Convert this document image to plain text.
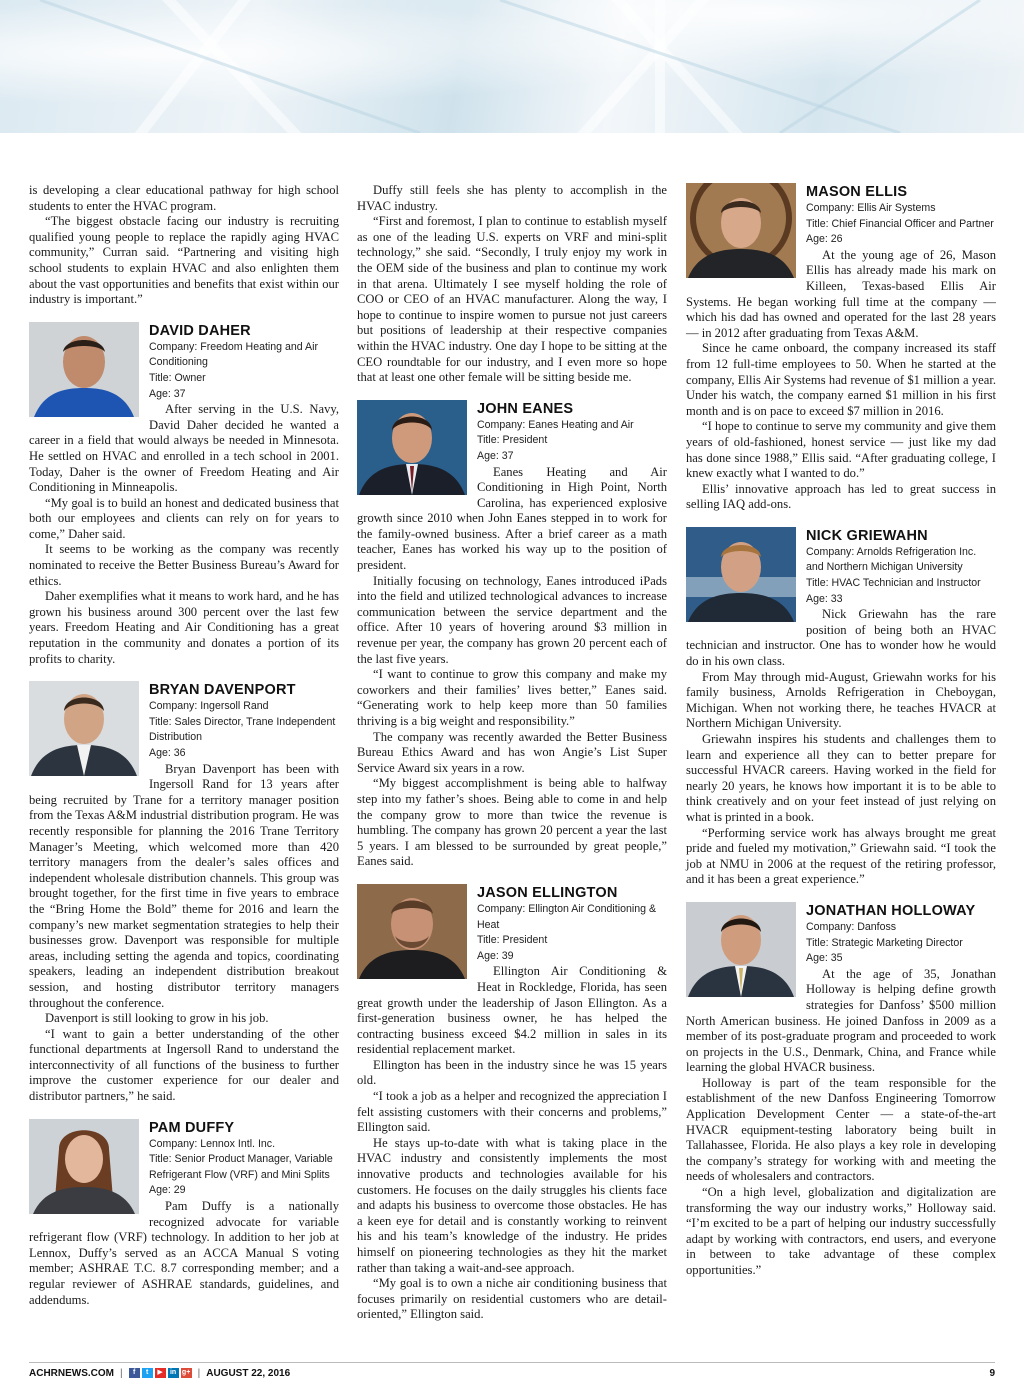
is developing a clear educational pathway for high school students to enter the HVAC program.

“The biggest obstacle facing our industry is recruiting qualified young people to replace the rapidly aging HVAC community,” Curran said. “Partnering and visiting high school students to explain HVAC and also enlighten them about the vast opportunities and benefits that exist within our industry is important.”

DAVID DAHER
Company: Freedom Heating and Air Conditioning
Title: Owner
Age: 37

After serving in the U.S. Navy, David Daher decided he wanted a career in a field that would always be needed in Minnesota. He settled on HVAC and enrolled in a tech school in 2001. Today, Daher is the owner of Freedom Heating and Air Conditioning in Minneapolis.

“My goal is to build an honest and dedicated business that both our employees and clients can rely on for years to come,” Daher said.

It seems to be working as the company was recently nominated to receive the Better Business Bureau’s Award for ethics.

Daher exemplifies what it means to work hard, and he has grown his business around 300 percent over the last few years. Freedom Heating and Air Conditioning has a great reputation in the community and donates a portion of its profits to charity.

BRYAN DAVENPORT
Company: Ingersoll Rand
Title: Sales Director, Trane Independent Distribution
Age: 36

Bryan Davenport has been with Ingersoll Rand for 13 years after being recruited by Trane for a territory manager position from the Texas A&M industrial distribution program. He was recently responsible for planning the 2016 Trane Territory Manager’s Meeting, which welcomed more than 420 territory managers from the dealer’s sales offices and independent wholesale distribution channels. This group was brought together, for the first time in five years to embrace the “Bring Home the Bold” theme for 2016 and learn the company’s new market segmentation strategies to help their businesses grow. Davenport was responsible for multiple areas, including setting the agenda and topics, coordinating speakers, leading an independent distribution breakout session, and hosting distributor territory managers throughout the conference.

Davenport is still looking to grow in his job.

“I want to gain a better understanding of the other functional departments at Ingersoll Rand to understand the interconnectivity of all functions of the business to further improve the customer experience for our dealer and distributor partners,” he said.

PAM DUFFY
Company: Lennox Intl. Inc.
Title: Senior Product Manager, Variable Refrigerant Flow (VRF) and Mini Splits
Age: 29

Pam Duffy is a nationally recognized advocate for variable refrigerant flow (VRF) technology. In addition to her job at Lennox, Duffy’s served as an ACCA Manual S voting member; ASHRAE T.C. 8.7 corresponding member; and a regular reviewer of ASHRAE standards, guidelines, and addendums.

Duffy still feels she has plenty to accomplish in the HVAC industry.

“First and foremost, I plan to continue to establish myself as one of the leading U.S. experts on VRF and mini-split technology,” she said. “Secondly, I truly enjoy my work in the OEM side of the business and plan to continue my work in that arena. Ultimately I see myself holding the role of COO or CEO of an HVAC manufacturer. Along the way, I hope to continue to inspire women to pursue not just careers but positions of leadership at their respective companies within the HVAC industry. One day I hope to be sitting at the CEO roundtable for our industry, and I even more so hope that at least one other female will be sitting beside me.

JOHN EANES
Company: Eanes Heating and Air
Title: President
Age: 37

Eanes Heating and Air Conditioning in High Point, North Carolina, has experienced explosive growth since 2010 when John Eanes stepped in to work for the family-owned business. After a brief career as a math teacher, Eanes has worked his way up to the position of president.

Initially focusing on technology, Eanes introduced iPads into the field and utilized technological advances to increase communication between the service department and the office. After 10 years of hovering around $3 million in revenue per year, the company has grown 20 percent each of the last five years.

“I want to continue to grow this company and make my coworkers and their families’ lives better,” Eanes said. “Generating work to help keep more than 50 families thriving is a big weight and responsibility.”

The company was recently awarded the Better Business Bureau Ethics Award and has won Angie’s List Super Service Award six years in a row.

“My biggest accomplishment is being able to halfway step into my father’s shoes. Being able to come in and help the company grow to more than twice the revenue is humbling. The company has grown 20 percent a year the last 5 years. I am blessed to be surrounded by great people,” Eanes said.

JASON ELLINGTON
Company: Ellington Air Conditioning & Heat
Title: President
Age: 39

Ellington Air Conditioning & Heat in Rockledge, Florida, has seen great growth under the leadership of Jason Ellington. As a first-generation business owner, he has helped the contracting business exceed $4.2 million in sales in its residential replacement market.

Ellington has been in the industry since he was 15 years old.

“I took a job as a helper and recognized the appreciation I felt assisting customers with their concerns and problems,” Ellington said.

He stays up-to-date with what is taking place in the HVAC industry and consistently implements the most innovative products and technologies available for his customers. He focuses on the daily struggles his clients face and adapts his business to overcome those obstacles. He has a keen eye for detail and is constantly working to reinvent his and his team’s knowledge of the industry. He prides himself on pioneering technologies as they hit the market rather than taking a wait-and-see approach.

“My goal is to own a niche air conditioning business that focuses primarily on residential customers who are detail-oriented,” Ellington said.

MASON ELLIS
Company: Ellis Air Systems
Title: Chief Financial Officer and Partner
Age: 26

At the young age of 26, Mason Ellis has already made his mark on Killeen, Texas-based Ellis Air Systems. He began working full time at the company — which his dad has owned and operated for the last 28 years — in 2012 after graduating from Texas A&M.

Since he came onboard, the company increased its staff from 12 full-time employees to 50. When he started at the company, Ellis Air Systems had revenue of $1 million a year. Under his watch, the company earned $1 million in his first month and is on pace to exceed $7 million in 2016.

“I hope to continue to serve my community and give them years of old-fashioned, honest service — just like my dad has done since 1988,” Ellis said. “After graduating college, I knew exactly what I wanted to do.”

Ellis’ innovative approach has led to great success in selling IAQ add-ons.

NICK GRIEWAHN
Company: Arnolds Refrigeration Inc. and Northern Michigan University
Title: HVAC Technician and Instructor
Age: 33

Nick Griewahn has the rare position of being both an HVAC technician and instructor. One has to wonder how he would do in his own class.

From May through mid-August, Griewahn works for his family business, Arnolds Refrigeration in Cheboygan, Michigan. When not working there, he teaches HVACR at Northern Michigan University.

Griewahn inspires his students and challenges them to learn and experience all they can to better prepare for successful HVACR careers. Having worked in the field for nearly 20 years, he knows how important it is to be able to think creatively and on your feet instead of just relying on what is printed in a book.

“Performing service work has always brought me great pride and fueled my motivation,” Griewahn said. “I took the job at NMU in 2006 at the request of the retiring professor, and it has been a great experience.”

JONATHAN HOLLOWAY
Company: Danfoss
Title: Strategic Marketing Director
Age: 35

At the age of 35, Jonathan Holloway is helping define growth strategies for Danfoss’ $500 million North American business. He joined Danfoss in 2009 as a member of its post-graduate program and proceeded to work on projects in the U.S., Denmark, China, and France while learning the global HVACR business.

Holloway is part of the team responsible for the establishment of the new Danfoss Engineering Tomorrow Application Development Center — a state-of-the-art HVACR equipment-testing laboratory being built in Tallahassee, Florida. He also plays a key role in developing the company’s strategy for working with and meeting the needs of wholesalers and contractors.

“On a high level, globalization and digitalization are transforming the way our industry works,” Holloway said. “I’m excited to be a part of helping our industry successfully adapt by working with contractors, end users, and everyone in between to take advantage of these complex opportunities.”

ACHRNEWS.COM |	f	t	▶	in g+ | AUGUST 22, 2016	9
